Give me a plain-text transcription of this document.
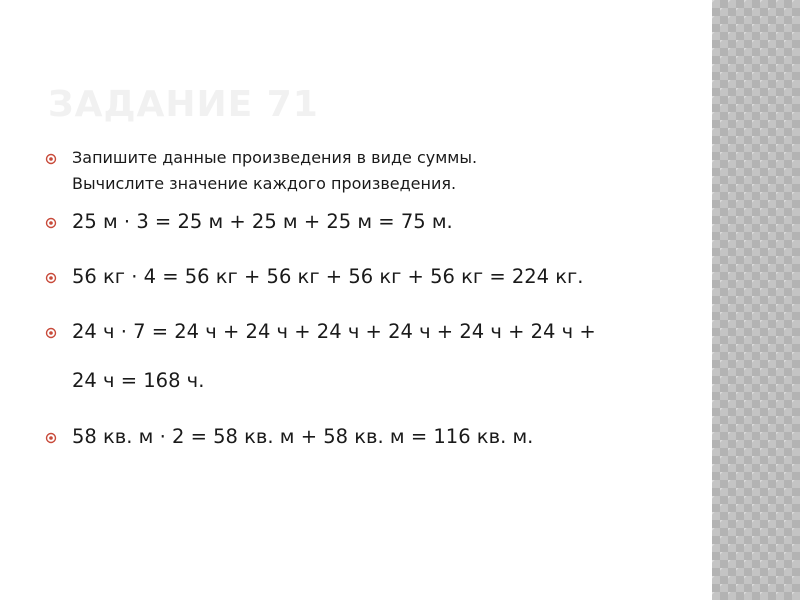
ЗАДАНИЕ 71
Запишите данные произведения в виде суммы.
Вычислите значение каждого произведения.
25 м · 3 = 25 м + 25 м + 25 м = 75 м.
56 кг · 4 = 56 кг + 56 кг + 56 кг + 56 кг = 224 кг.
24 ч · 7 = 24 ч + 24 ч + 24 ч + 24 ч + 24 ч + 24 ч +
24 ч = 168 ч.
58 кв. м · 2 = 58 кв. м + 58 кв. м = 116 кв. м.
